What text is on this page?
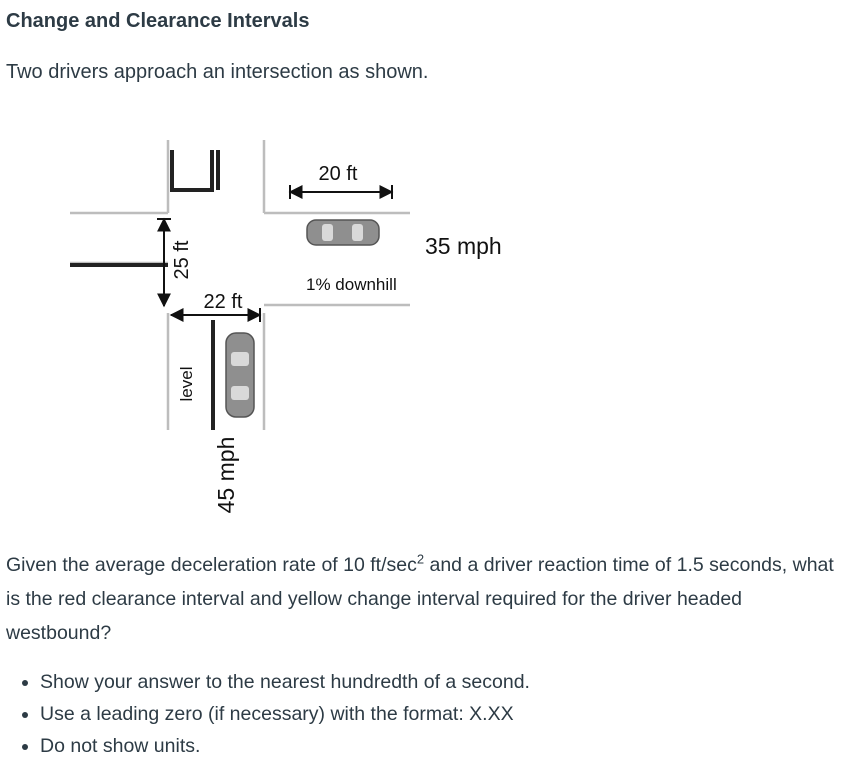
Change and Clearance Intervals

Two drivers approach an intersection as shown.

20 ft
35 mph
1% downhill
25 ft
22 ft
level
45 mph

Given the average deceleration rate of 10 $ft/\sec^2$ and a driver reaction time of 1.5 seconds, what is the red clearance interval and yellow change interval required for the driver headed westbound?

• Show your answer to the nearest hundredth of a second.
• Use a leading zero (if necessary) with the format: X.XX
• Do not show units.
